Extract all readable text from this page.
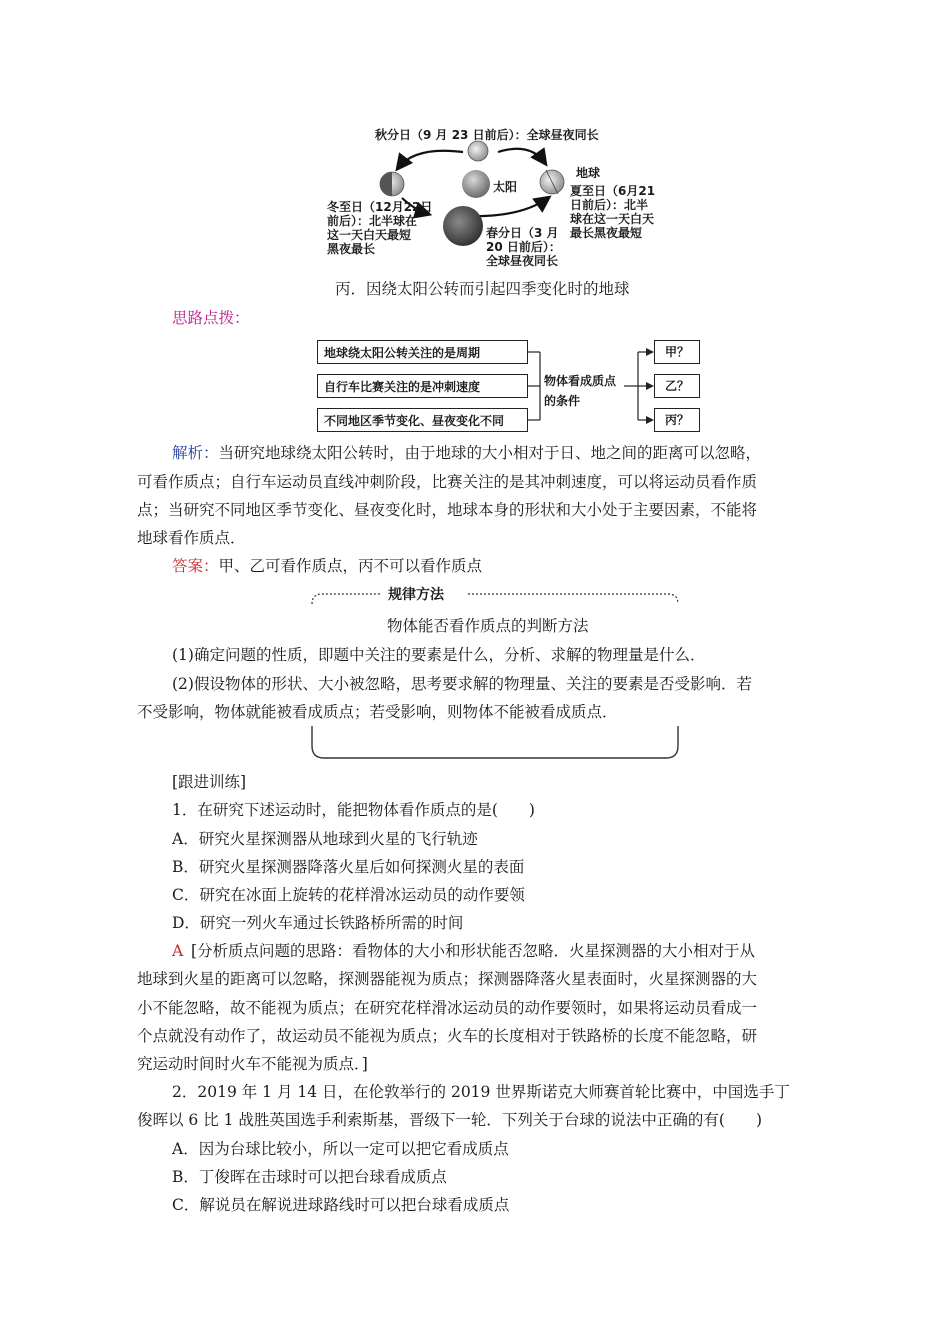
秋分日（9 月 23 日前后）：全球昼夜同长
太阳
地球
夏至日（6月21
日前后）：北半
球在这一天白天
最长黑夜最短
冬至日（12月22日
前后）：北半球在
这一天白天最短
黑夜最长
春分日（3 月
20 日前后）：
全球昼夜同长
丙．因绕太阳公转而引起四季变化时的地球
思路点拨：
地球绕太阳公转关注的是周期
自行车比赛关注的是冲刺速度
不同地区季节变化、昼夜变化不同
物体看成质点
的条件
甲？
乙？
丙？
解析：当研究地球绕太阳公转时，由于地球的大小相对于日、地之间的距离可以忽略，
可看作质点；自行车运动员直线冲刺阶段，比赛关注的是其冲刺速度，可以将运动员看作质
点；当研究不同地区季节变化、昼夜变化时，地球本身的形状和大小处于主要因素，不能将
地球看作质点．
答案：甲、乙可看作质点，丙不可以看作质点
规律方法
物体能否看作质点的判断方法
(1)确定问题的性质，即题中关注的要素是什么，分析、求解的物理量是什么．
(2)假设物体的形状、大小被忽略，思考要求解的物理量、关注的要素是否受影响．若
不受影响，物体就能被看成质点；若受影响，则物体不能被看成质点．
[跟进训练]
1．在研究下述运动时，能把物体看作质点的是(　　)
A．研究火星探测器从地球到火星的飞行轨迹
B．研究火星探测器降落火星后如何探测火星的表面
C．研究在冰面上旋转的花样滑冰运动员的动作要领
D．研究一列火车通过长铁路桥所需的时间
A  [分析质点问题的思路：看物体的大小和形状能否忽略．火星探测器的大小相对于从
地球到火星的距离可以忽略，探测器能视为质点；探测器降落火星表面时，火星探测器的大
小不能忽略，故不能视为质点；在研究花样滑冰运动员的动作要领时，如果将运动员看成一
个点就没有动作了，故运动员不能视为质点；火车的长度相对于铁路桥的长度不能忽略，研
究运动时间时火车不能视为质点．]
2．2019 年 1 月 14 日，在伦敦举行的 2019 世界斯诺克大师赛首轮比赛中，中国选手丁
俊晖以 6 比 1 战胜英国选手利索斯基，晋级下一轮．下列关于台球的说法中正确的有(　　)
A．因为台球比较小，所以一定可以把它看成质点
B．丁俊晖在击球时可以把台球看成质点
C．解说员在解说进球路线时可以把台球看成质点
